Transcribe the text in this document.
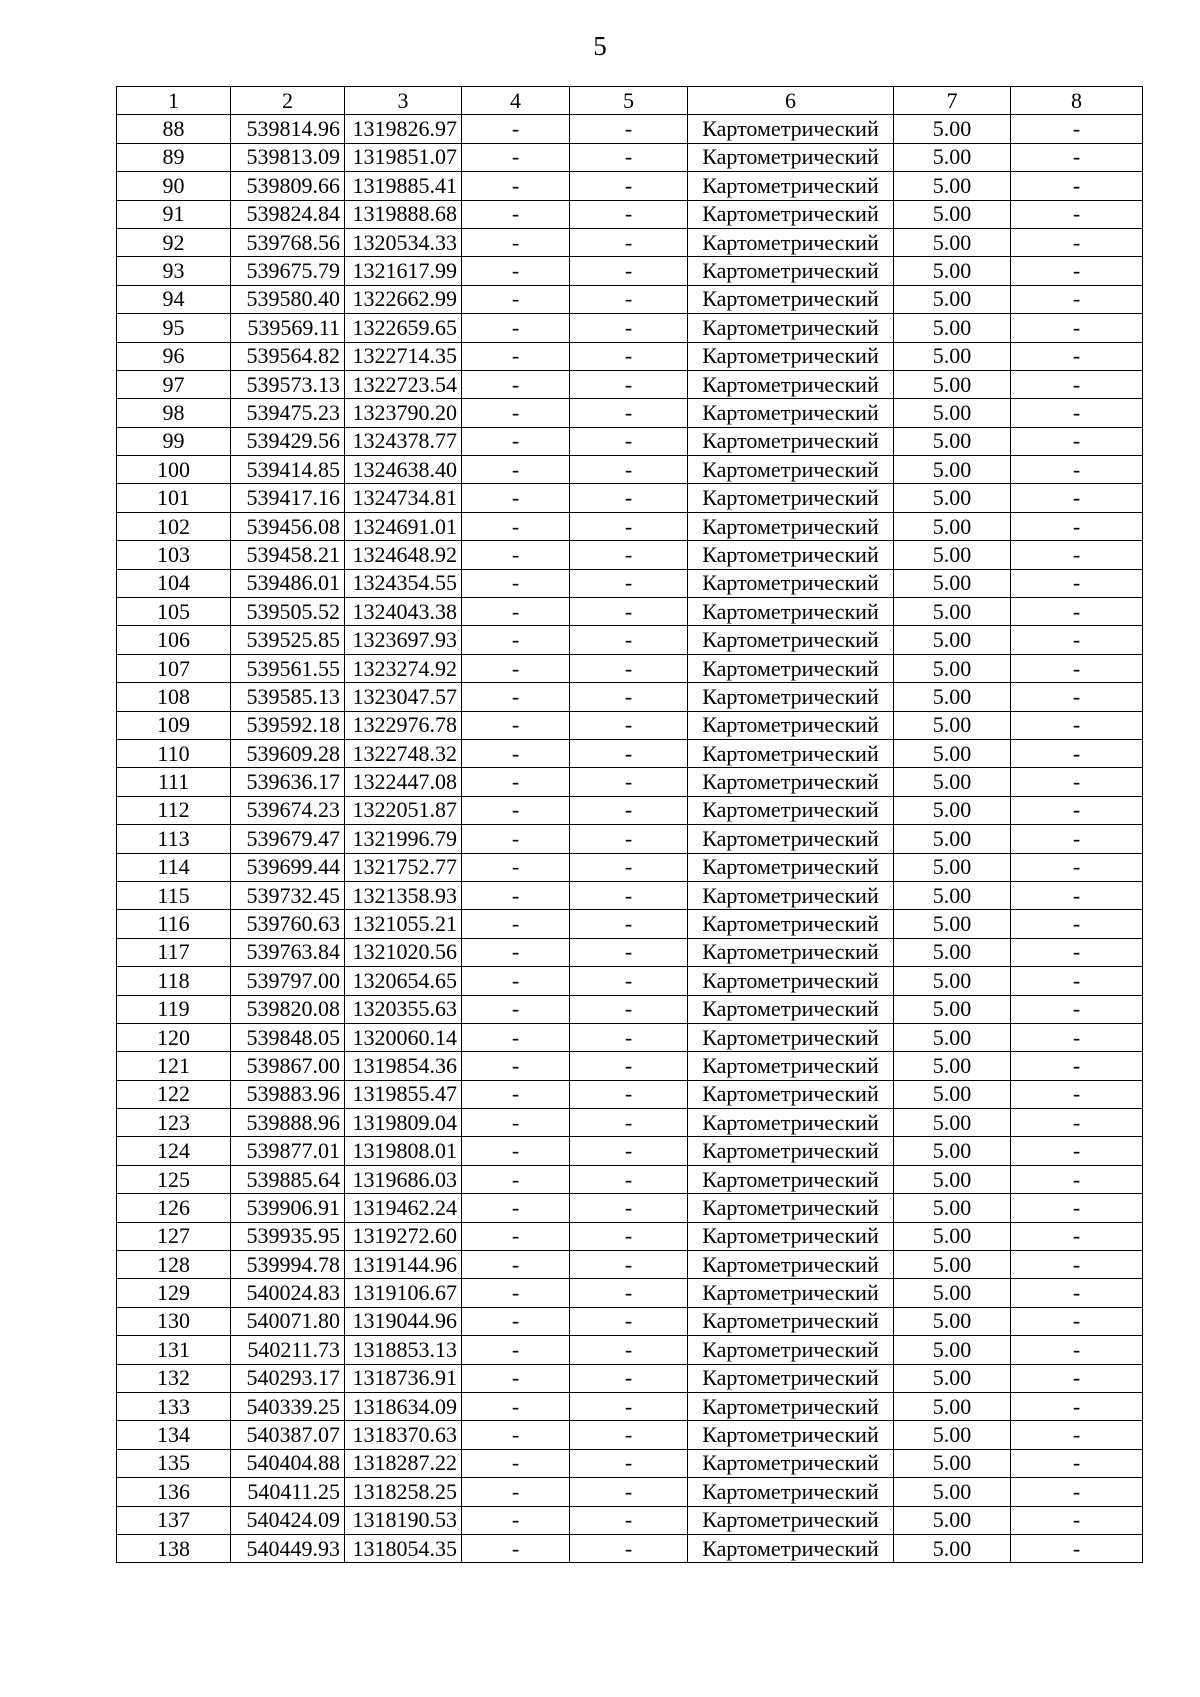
5
1	2	3	4	5	6	7	8
88	539814.96	1319826.97	-	-	Картометрический	5.00	-
89	539813.09	1319851.07	-	-	Картометрический	5.00	-
90	539809.66	1319885.41	-	-	Картометрический	5.00	-
91	539824.84	1319888.68	-	-	Картометрический	5.00	-
92	539768.56	1320534.33	-	-	Картометрический	5.00	-
93	539675.79	1321617.99	-	-	Картометрический	5.00	-
94	539580.40	1322662.99	-	-	Картометрический	5.00	-
95	539569.11	1322659.65	-	-	Картометрический	5.00	-
96	539564.82	1322714.35	-	-	Картометрический	5.00	-
97	539573.13	1322723.54	-	-	Картометрический	5.00	-
98	539475.23	1323790.20	-	-	Картометрический	5.00	-
99	539429.56	1324378.77	-	-	Картометрический	5.00	-
100	539414.85	1324638.40	-	-	Картометрический	5.00	-
101	539417.16	1324734.81	-	-	Картометрический	5.00	-
102	539456.08	1324691.01	-	-	Картометрический	5.00	-
103	539458.21	1324648.92	-	-	Картометрический	5.00	-
104	539486.01	1324354.55	-	-	Картометрический	5.00	-
105	539505.52	1324043.38	-	-	Картометрический	5.00	-
106	539525.85	1323697.93	-	-	Картометрический	5.00	-
107	539561.55	1323274.92	-	-	Картометрический	5.00	-
108	539585.13	1323047.57	-	-	Картометрический	5.00	-
109	539592.18	1322976.78	-	-	Картометрический	5.00	-
110	539609.28	1322748.32	-	-	Картометрический	5.00	-
111	539636.17	1322447.08	-	-	Картометрический	5.00	-
112	539674.23	1322051.87	-	-	Картометрический	5.00	-
113	539679.47	1321996.79	-	-	Картометрический	5.00	-
114	539699.44	1321752.77	-	-	Картометрический	5.00	-
115	539732.45	1321358.93	-	-	Картометрический	5.00	-
116	539760.63	1321055.21	-	-	Картометрический	5.00	-
117	539763.84	1321020.56	-	-	Картометрический	5.00	-
118	539797.00	1320654.65	-	-	Картометрический	5.00	-
119	539820.08	1320355.63	-	-	Картометрический	5.00	-
120	539848.05	1320060.14	-	-	Картометрический	5.00	-
121	539867.00	1319854.36	-	-	Картометрический	5.00	-
122	539883.96	1319855.47	-	-	Картометрический	5.00	-
123	539888.96	1319809.04	-	-	Картометрический	5.00	-
124	539877.01	1319808.01	-	-	Картометрический	5.00	-
125	539885.64	1319686.03	-	-	Картометрический	5.00	-
126	539906.91	1319462.24	-	-	Картометрический	5.00	-
127	539935.95	1319272.60	-	-	Картометрический	5.00	-
128	539994.78	1319144.96	-	-	Картометрический	5.00	-
129	540024.83	1319106.67	-	-	Картометрический	5.00	-
130	540071.80	1319044.96	-	-	Картометрический	5.00	-
131	540211.73	1318853.13	-	-	Картометрический	5.00	-
132	540293.17	1318736.91	-	-	Картометрический	5.00	-
133	540339.25	1318634.09	-	-	Картометрический	5.00	-
134	540387.07	1318370.63	-	-	Картометрический	5.00	-
135	540404.88	1318287.22	-	-	Картометрический	5.00	-
136	540411.25	1318258.25	-	-	Картометрический	5.00	-
137	540424.09	1318190.53	-	-	Картометрический	5.00	-
138	540449.93	1318054.35	-	-	Картометрический	5.00	-
